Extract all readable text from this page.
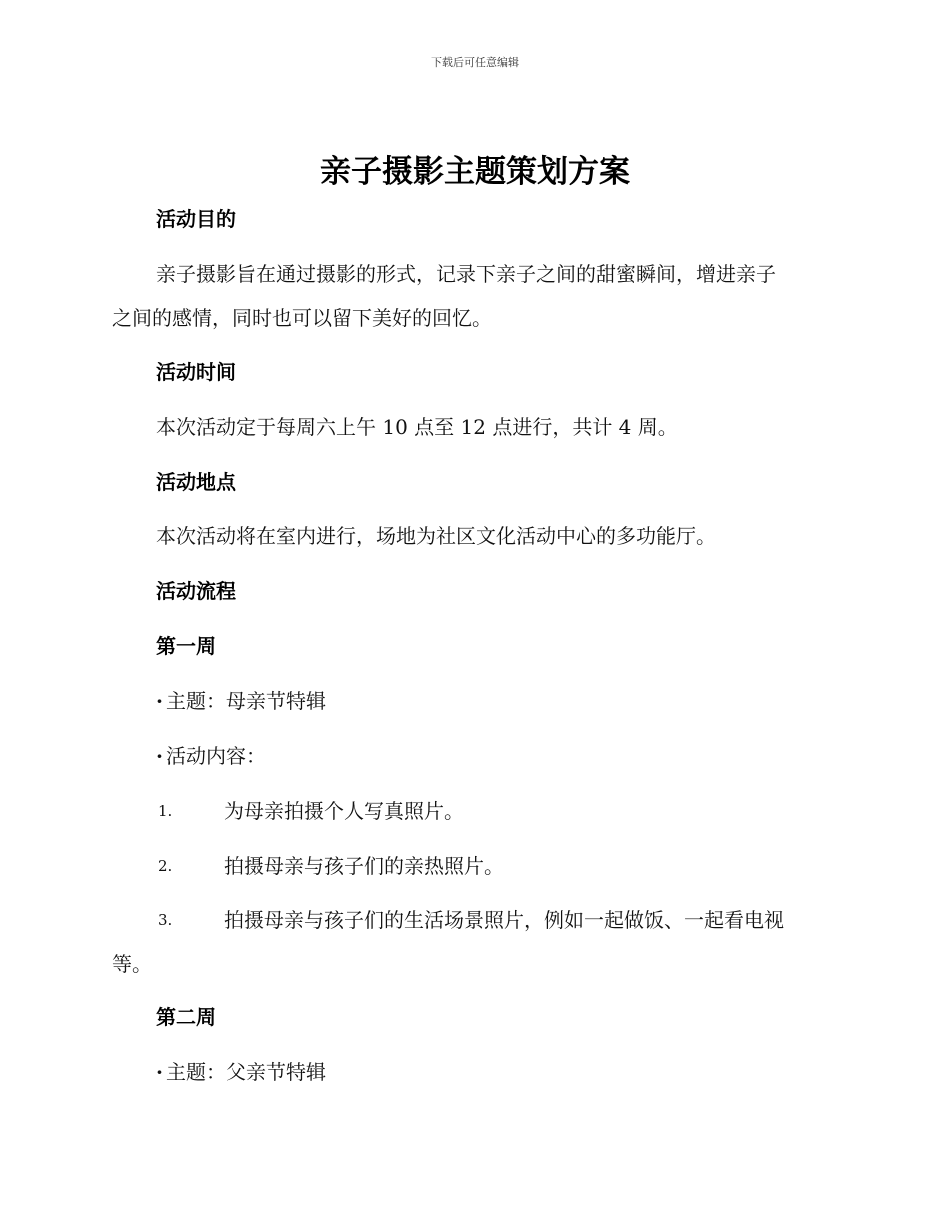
下载后可任意编辑
亲子摄影主题策划方案
活动目的
亲子摄影旨在通过摄影的形式，记录下亲子之间的甜蜜瞬间，增进亲子
之间的感情，同时也可以留下美好的回忆。
活动时间
本次活动定于每周六上午 10 点至 12 点进行，共计 4 周。
活动地点
本次活动将在室内进行，场地为社区文化活动中心的多功能厅。
活动流程
第一周
· 主题：母亲节特辑
· 活动内容：
1.	为母亲拍摄个人写真照片。
2.	拍摄母亲与孩子们的亲热照片。
3.	拍摄母亲与孩子们的生活场景照片，例如一起做饭、一起看电视
等。
第二周
· 主题：父亲节特辑
